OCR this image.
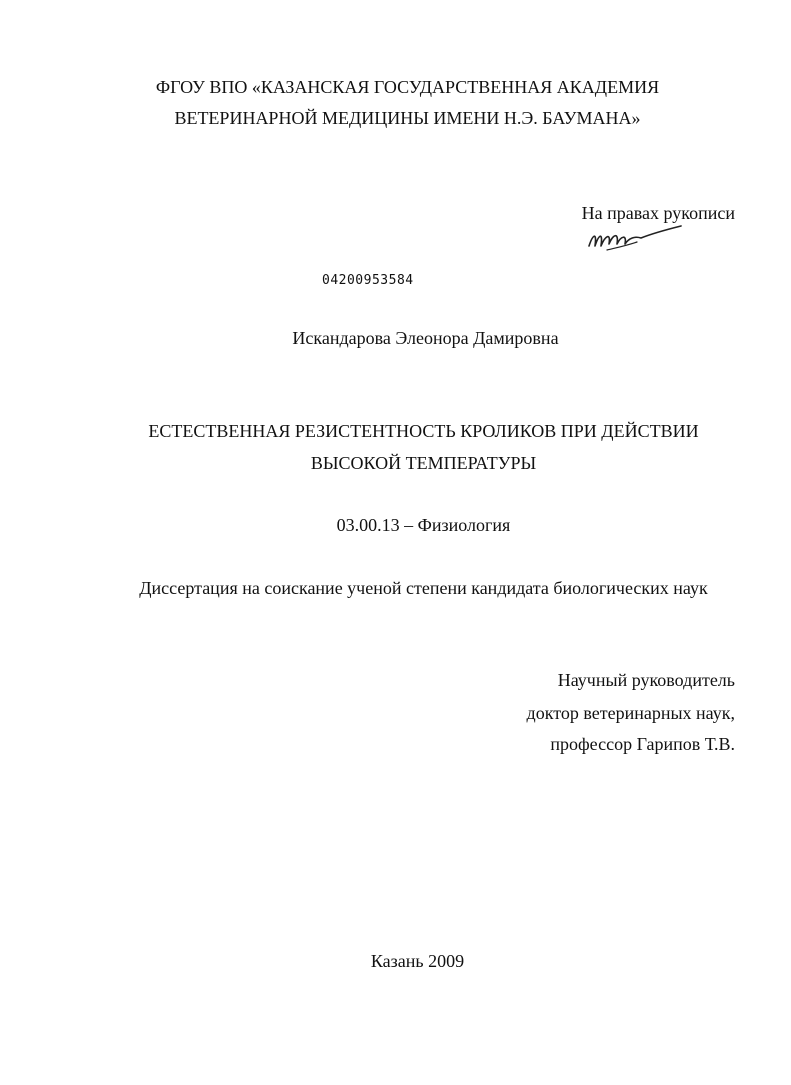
ФГОУ ВПО «КАЗАНСКАЯ ГОСУДАРСТВЕННАЯ АКАДЕМИЯ

ВЕТЕРИНАРНОЙ МЕДИЦИНЫ ИМЕНИ Н.Э. БАУМАНА»

На правах рукописи

04200953584

Искандарова Элеонора Дамировна

ЕСТЕСТВЕННАЯ РЕЗИСТЕНТНОСТЬ КРОЛИКОВ ПРИ ДЕЙСТВИИ

ВЫСОКОЙ ТЕМПЕРАТУРЫ

03.00.13 – Физиология

Диссертация на соискание ученой степени кандидата биологических наук

Научный руководитель

доктор ветеринарных наук,

профессор Гарипов Т.В.

Казань 2009
